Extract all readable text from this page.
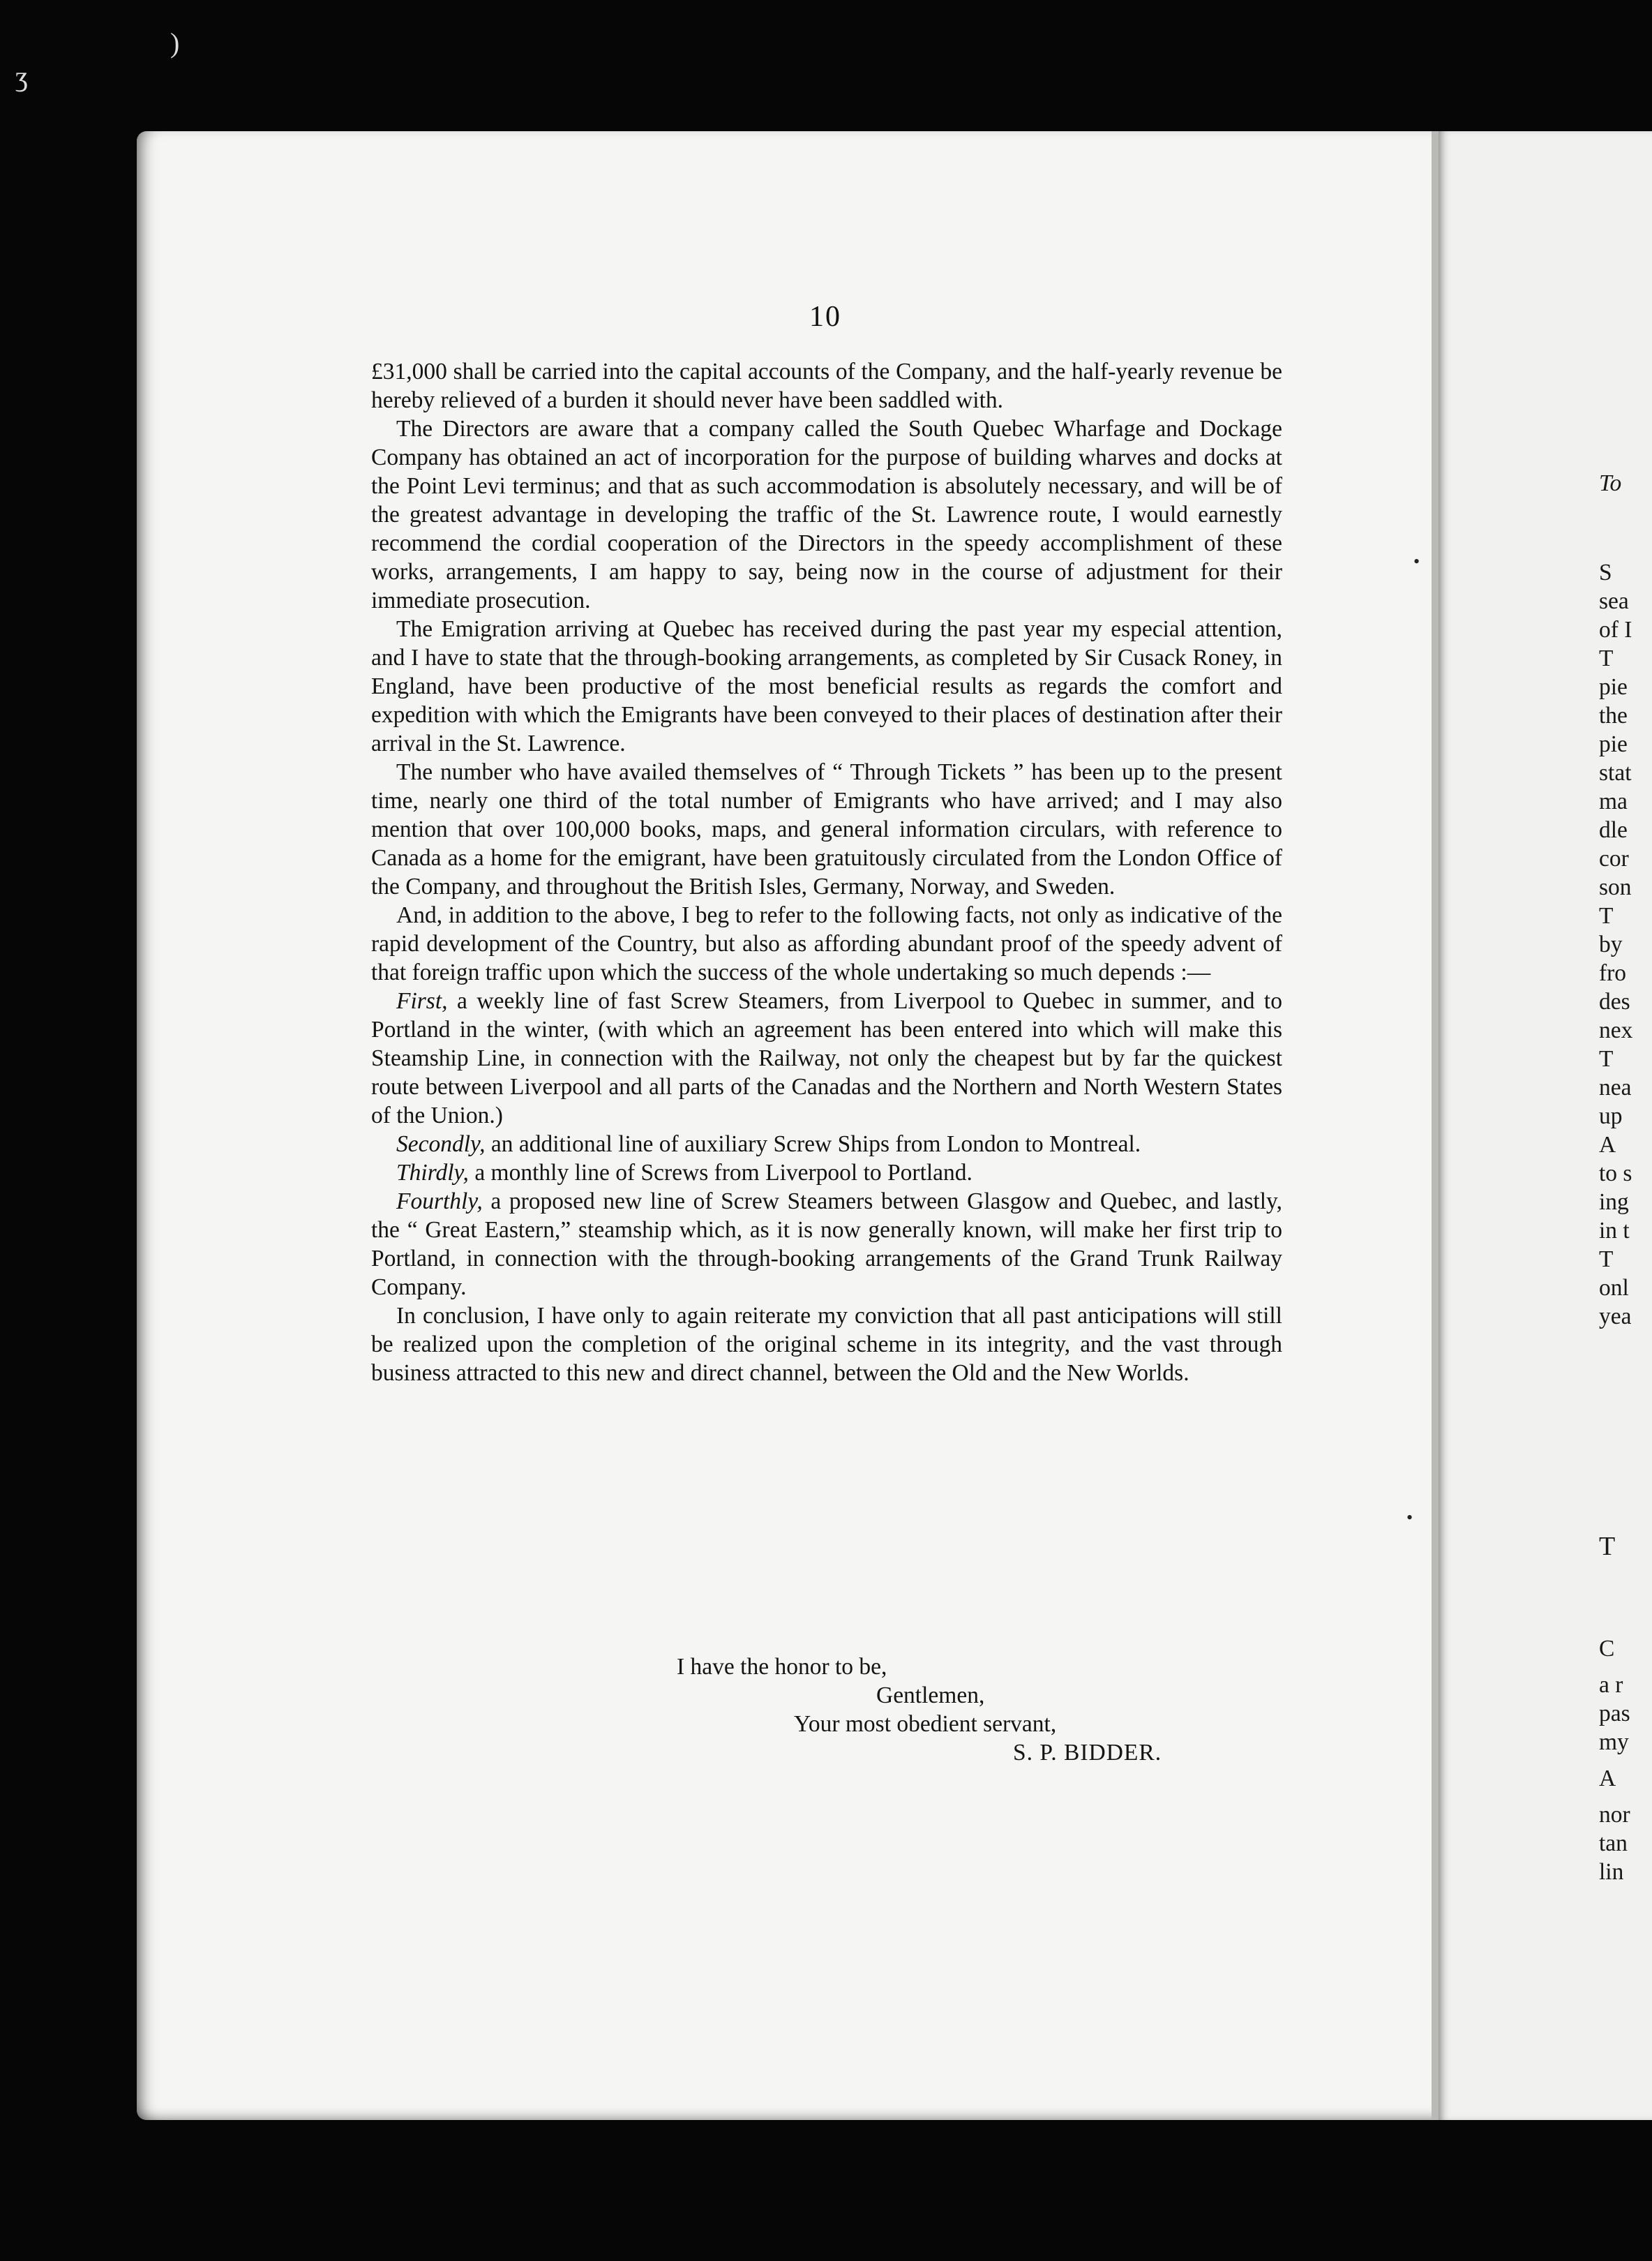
10

£31,000 shall be carried into the capital accounts of the Company, and the half-yearly revenue be hereby relieved of a burden it should never have been saddled with.

The Directors are aware that a company called the South Quebec Wharfage and Dockage Company has obtained an act of incorporation for the purpose of building wharves and docks at the Point Levi terminus; and that as such accommodation is absolutely necessary, and will be of the greatest advantage in developing the traffic of the St. Lawrence route, I would earnestly recommend the cordial cooperation of the Directors in the speedy accomplishment of these works, arrangements, I am happy to say, being now in the course of adjustment for their immediate prosecution.

The Emigration arriving at Quebec has received during the past year my especial attention, and I have to state that the through-booking arrangements, as completed by Sir Cusack Roney, in England, have been productive of the most beneficial results as regards the comfort and expedition with which the Emigrants have been conveyed to their places of destination after their arrival in the St. Lawrence.

The number who have availed themselves of “ Through Tickets ” has been up to the present time, nearly one third of the total number of Emigrants who have arrived; and I may also mention that over 100,000 books, maps, and general information circulars, with reference to Canada as a home for the emigrant, have been gratuitously circulated from the London Office of the Company, and throughout the British Isles, Germany, Norway, and Sweden.

And, in addition to the above, I beg to refer to the following facts, not only as indicative of the rapid development of the Country, but also as affording abundant proof of the speedy advent of that foreign traffic upon which the success of the whole undertaking so much depends :—

First, a weekly line of fast Screw Steamers, from Liverpool to Quebec in summer, and to Portland in the winter, (with which an agreement has been entered into which will make this Steamship Line, in connection with the Railway, not only the cheapest but by far the quickest route between Liverpool and all parts of the Canadas and the Northern and North Western States of the Union.)

Secondly, an additional line of auxiliary Screw Ships from London to Montreal.

Thirdly, a monthly line of Screws from Liverpool to Portland.

Fourthly, a proposed new line of Screw Steamers between Glasgow and Quebec, and lastly, the “ Great Eastern,” steamship which, as it is now generally known, will make her first trip to Portland, in connection with the through-booking arrangements of the Grand Trunk Railway Company.

In conclusion, I have only to again reiterate my conviction that all past anticipations will still be realized upon the completion of the original scheme in its integrity, and the vast through business attracted to this new and direct channel, between the Old and the New Worlds.

I have the honor to be,
Gentlemen,
Your most obedient servant,
S. P. BIDDER.
To
S
sea
of I
T
pie
the
pie
stat
ma
dle
cor
son
T
by
fro
des
nex
T
nea
up
A
to s
ing
in t
T
onl
yea
T
C
a r
pas
my
A
nor
tan
lin
ʒ
)
•
•
